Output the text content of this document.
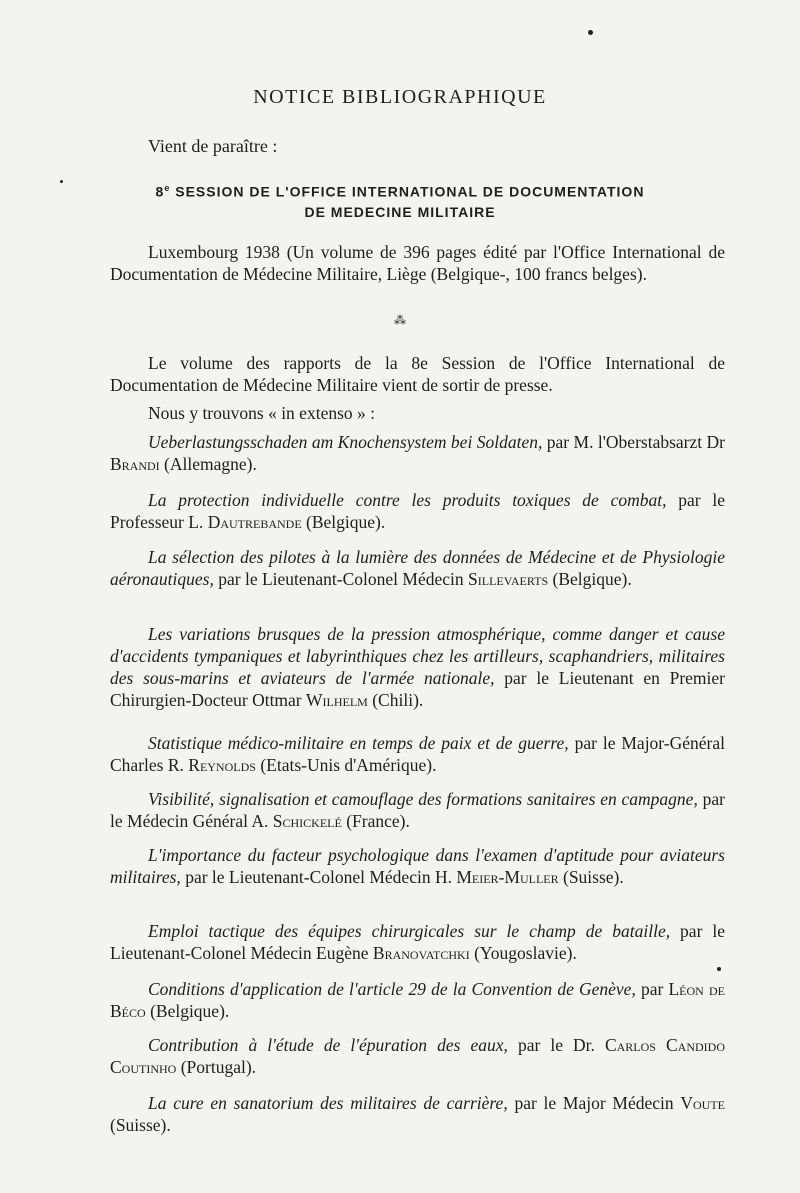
NOTICE BIBLIOGRAPHIQUE
Vient de paraître :
8e SESSION DE L'OFFICE INTERNATIONAL DE DOCUMENTATION
DE MEDECINE MILITAIRE
Luxembourg 1938 (Un volume de 396 pages édité par l'Office International de Documentation de Médecine Militaire, Liège (Belgique-, 100 francs belges).
⁂
Le volume des rapports de la 8e Session de l'Office International de Documentation de Médecine Militaire vient de sortir de presse.
Nous y trouvons « in extenso » :
Ueberlastungsschaden am Knochensystem bei Soldaten, par M. l'Oberstabsarzt Dr Brandi (Allemagne).
La protection individuelle contre les produits toxiques de combat, par le Professeur L. Dautrebande (Belgique).
La sélection des pilotes à la lumière des données de Médecine et de Physiologie aéronautiques, par le Lieutenant-Colonel Médecin Sillevaerts (Belgique).
Les variations brusques de la pression atmosphérique, comme danger et cause d'accidents tympaniques et labyrinthiques chez les artilleurs, scaphandriers, militaires des sous-marins et aviateurs de l'armée nationale, par le Lieutenant en Premier Chirurgien-Docteur Ottmar Wilhelm (Chili).
Statistique médico-militaire en temps de paix et de guerre, par le Major-Général Charles R. Reynolds (Etats-Unis d'Amérique).
Visibilité, signalisation et camouflage des formations sanitaires en campagne, par le Médecin Général A. Schickelé (France).
L'importance du facteur psychologique dans l'examen d'aptitude pour aviateurs militaires, par le Lieutenant-Colonel Médecin H. Meier-Muller (Suisse).
Emploi tactique des équipes chirurgicales sur le champ de bataille, par le Lieutenant-Colonel Médecin Eugène Branovatchki (Yougoslavie).
Conditions d'application de l'article 29 de la Convention de Genève, par Léon de Béco (Belgique).
Contribution à l'étude de l'épuration des eaux, par le Dr. Carlos Candido Coutinho (Portugal).
La cure en sanatorium des militaires de carrière, par le Major Médecin Voute (Suisse).
